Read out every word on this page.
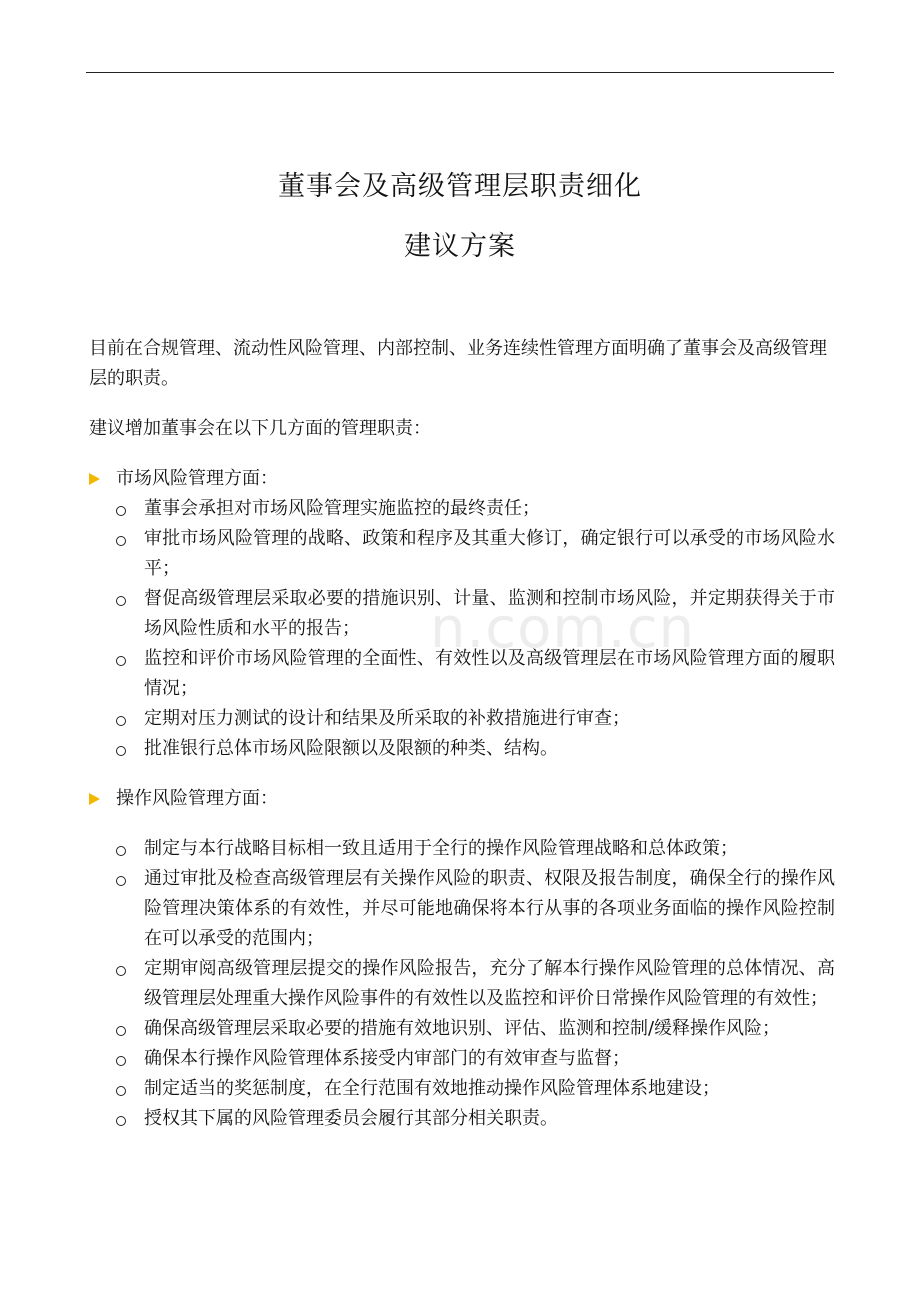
董事会及高级管理层职责细化
建议方案

目前在合规管理、流动性风险管理、内部控制、业务连续性管理方面明确了董事会及高级管理层的职责。

建议增加董事会在以下几方面的管理职责：

市场风险管理方面：
董事会承担对市场风险管理实施监控的最终责任；
审批市场风险管理的战略、政策和程序及其重大修订，确定银行可以承受的市场风险水平；
督促高级管理层采取必要的措施识别、计量、监测和控制市场风险，并定期获得关于市场风险性质和水平的报告；
监控和评价市场风险管理的全面性、有效性以及高级管理层在市场风险管理方面的履职情况；
定期对压力测试的设计和结果及所采取的补救措施进行审查；
批准银行总体市场风险限额以及限额的种类、结构。
操作风险管理方面：
制定与本行战略目标相一致且适用于全行的操作风险管理战略和总体政策；
通过审批及检查高级管理层有关操作风险的职责、权限及报告制度，确保全行的操作风险管理决策体系的有效性，并尽可能地确保将本行从事的各项业务面临的操作风险控制在可以承受的范围内；
定期审阅高级管理层提交的操作风险报告，充分了解本行操作风险管理的总体情况、高级管理层处理重大操作风险事件的有效性以及监控和评价日常操作风险管理的有效性；
确保高级管理层采取必要的措施有效地识别、评估、监测和控制/缓释操作风险；
确保本行操作风险管理体系接受内审部门的有效审查与监督；
制定适当的奖惩制度，在全行范围有效地推动操作风险管理体系地建设；
授权其下属的风险管理委员会履行其部分相关职责。
n.com.cn
